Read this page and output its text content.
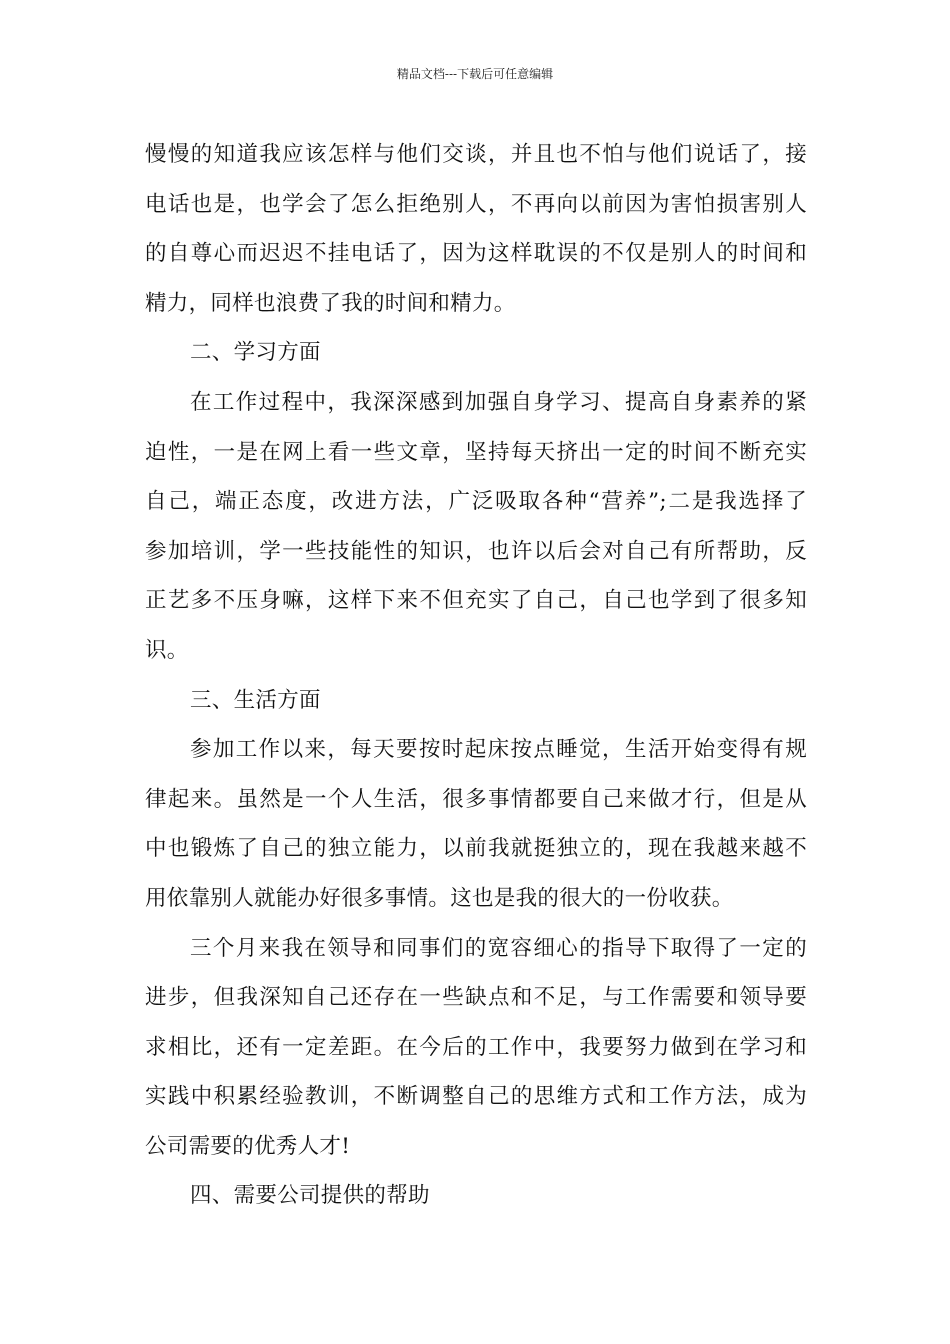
精品文档---下载后可任意编辑

慢慢的知道我应该怎样与他们交谈，并且也不怕与他们说话了，接
电话也是，也学会了怎么拒绝别人，不再向以前因为害怕损害别人
的自尊心而迟迟不挂电话了，因为这样耽误的不仅是别人的时间和
精力，同样也浪费了我的时间和精力。

二、学习方面

在工作过程中，我深深感到加强自身学习、提高自身素养的紧
迫性，一是在网上看一些文章，坚持每天挤出一定的时间不断充实
自己，端正态度，改进方法，广泛吸取各种“营养”;二是我选择了
参加培训，学一些技能性的知识，也许以后会对自己有所帮助，反
正艺多不压身嘛，这样下来不但充实了自己，自己也学到了很多知
识。

三、生活方面

参加工作以来，每天要按时起床按点睡觉，生活开始变得有规
律起来。虽然是一个人生活，很多事情都要自己来做才行，但是从
中也锻炼了自己的独立能力，以前我就挺独立的，现在我越来越不
用依靠别人就能办好很多事情。这也是我的很大的一份收获。

三个月来我在领导和同事们的宽容细心的指导下取得了一定的
进步，但我深知自己还存在一些缺点和不足，与工作需要和领导要
求相比，还有一定差距。在今后的工作中，我要努力做到在学习和
实践中积累经验教训，不断调整自己的思维方式和工作方法，成为
公司需要的优秀人才!

四、需要公司提供的帮助
